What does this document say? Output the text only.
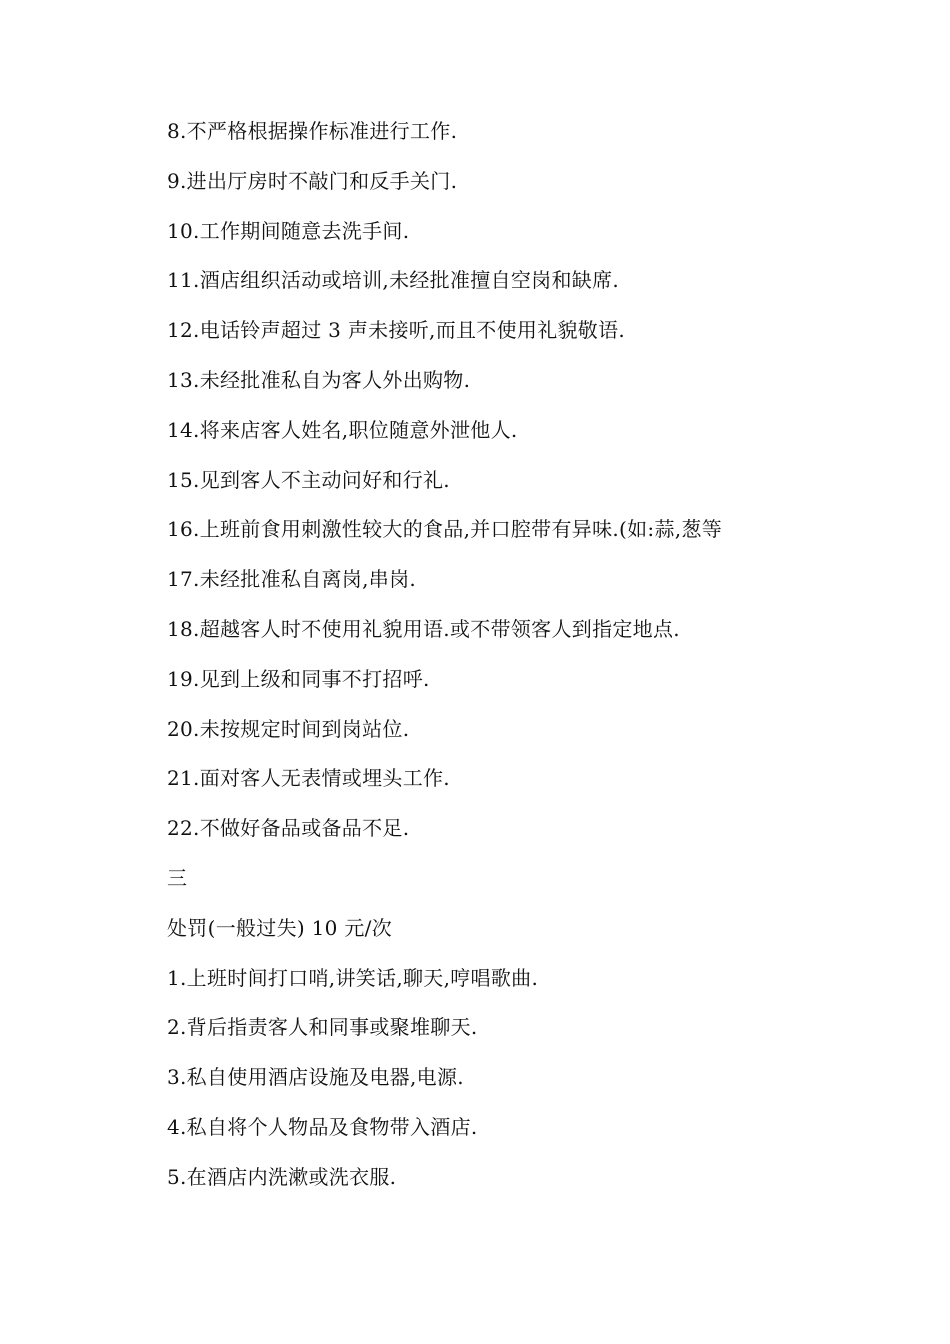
8.不严格根据操作标准进行工作.

9.进出厅房时不敲门和反手关门.

10.工作期间随意去洗手间.

11.酒店组织活动或培训,未经批准擅自空岗和缺席.

12.电话铃声超过 3 声未接听,而且不使用礼貌敬语.

13.未经批准私自为客人外出购物.

14.将来店客人姓名,职位随意外泄他人.

15.见到客人不主动问好和行礼.

16.上班前食用刺激性较大的食品,并口腔带有异味.(如:蒜,葱等

17.未经批准私自离岗,串岗.

18.超越客人时不使用礼貌用语.或不带领客人到指定地点.

19.见到上级和同事不打招呼.

20.未按规定时间到岗站位.

21.面对客人无表情或埋头工作.

22.不做好备品或备品不足.

三

处罚(一般过失) 10 元/次

1.上班时间打口哨,讲笑话,聊天,哼唱歌曲.

2.背后指责客人和同事或聚堆聊天.

3.私自使用酒店设施及电器,电源.

4.私自将个人物品及食物带入酒店.

5.在酒店内洗漱或洗衣服.
